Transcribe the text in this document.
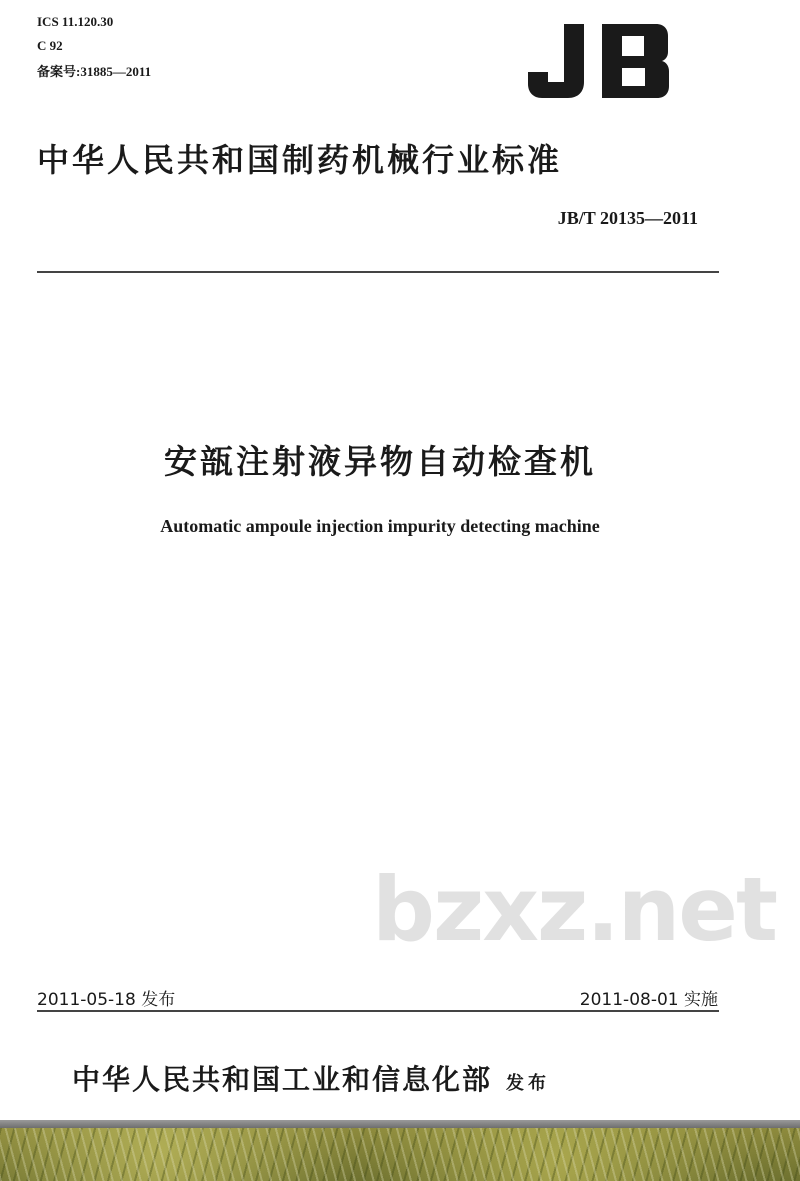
ICS 11.120.30
C 92
备案号:31885—2011
中华人民共和国制药机械行业标准
JB/T 20135—2011
安瓿注射液异物自动检查机
Automatic ampoule injection impurity detecting machine
bzxz.net
2011-05-18 发布	2011-08-01 实施
中华人民共和国工业和信息化部 发布
